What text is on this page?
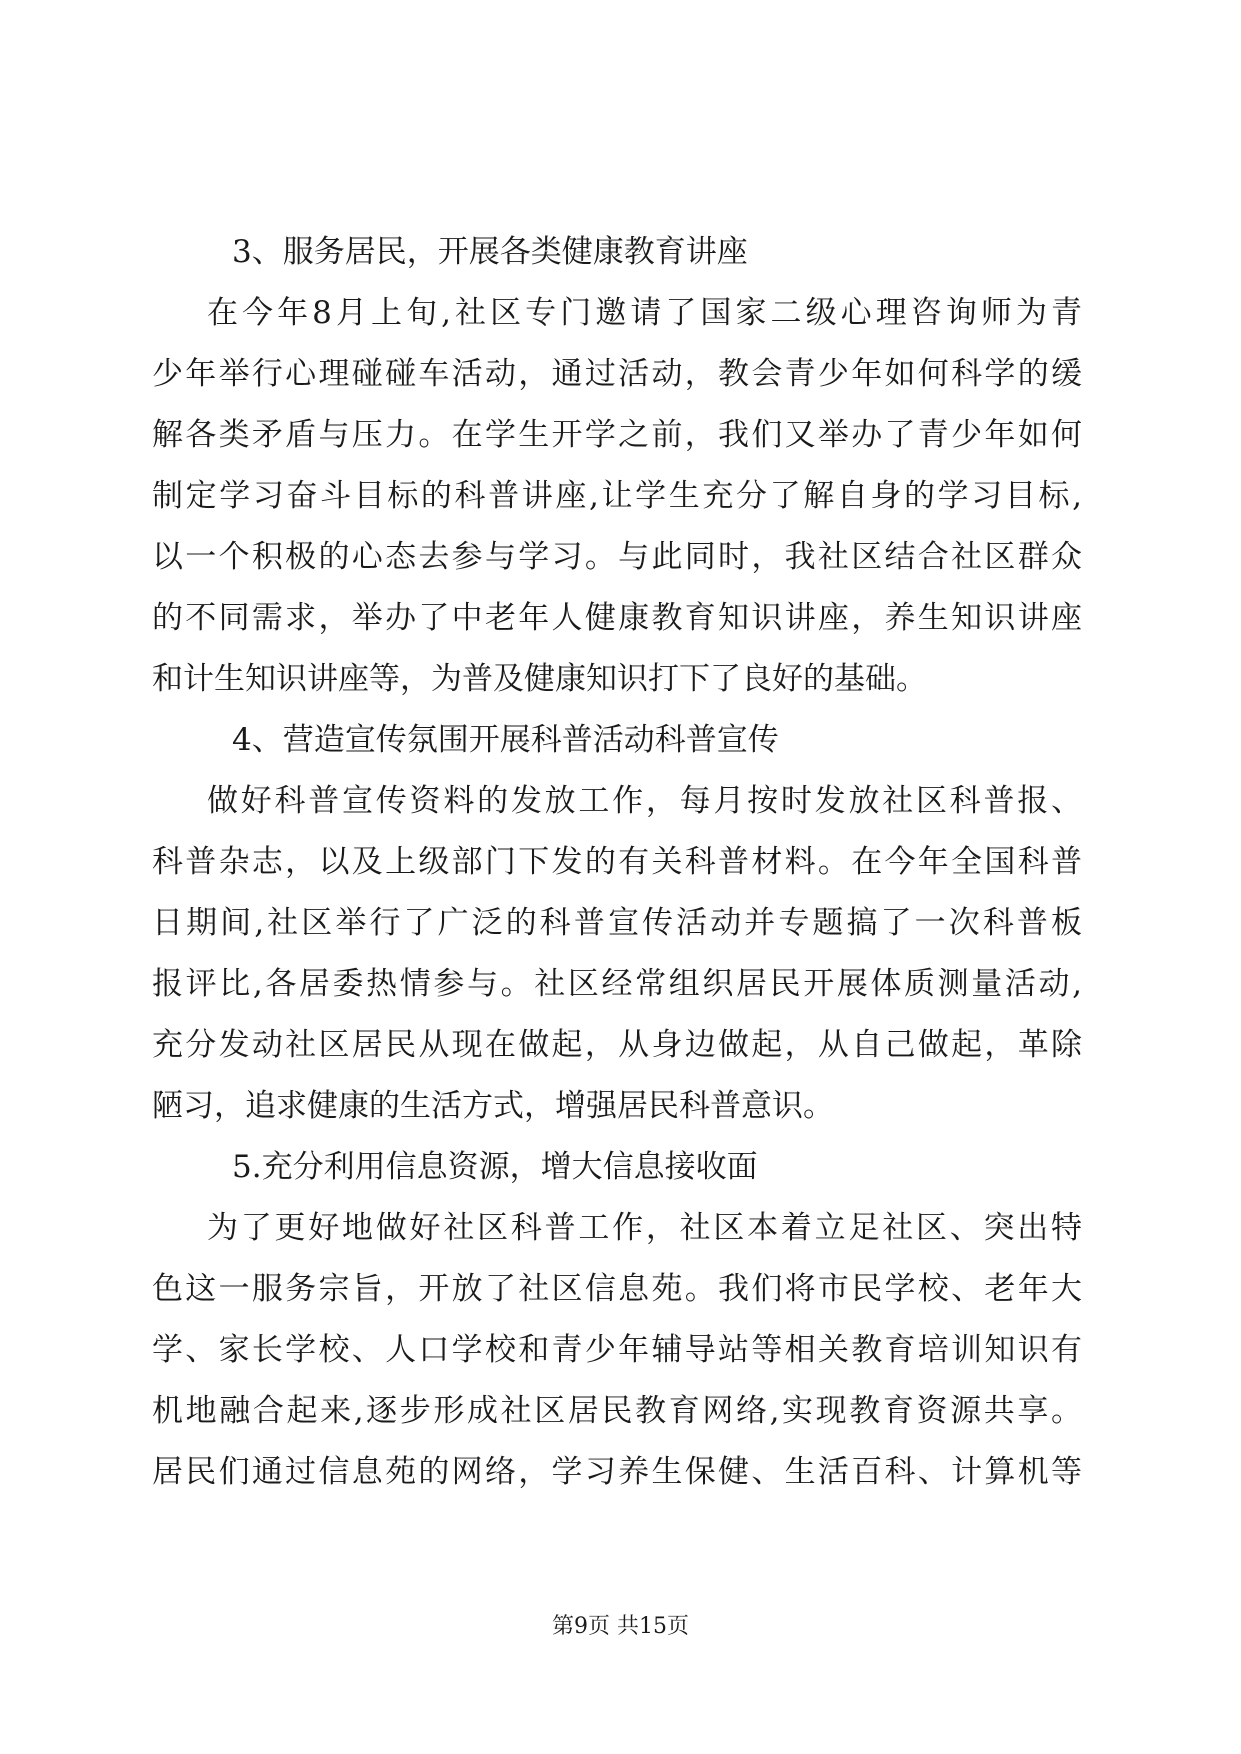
3、服务居民，开展各类健康教育讲座
在今年8月上旬,社区专门邀请了国家二级心理咨询师为青
少年举行心理碰碰车活动，通过活动，教会青少年如何科学的缓
解各类矛盾与压力。在学生开学之前，我们又举办了青少年如何
制定学习奋斗目标的科普讲座,让学生充分了解自身的学习目标,
以一个积极的心态去参与学习。与此同时，我社区结合社区群众
的不同需求，举办了中老年人健康教育知识讲座，养生知识讲座
和计生知识讲座等，为普及健康知识打下了良好的基础。
4、营造宣传氛围开展科普活动科普宣传
做好科普宣传资料的发放工作，每月按时发放社区科普报、
科普杂志，以及上级部门下发的有关科普材料。在今年全国科普
日期间,社区举行了广泛的科普宣传活动并专题搞了一次科普板
报评比,各居委热情参与。社区经常组织居民开展体质测量活动,
充分发动社区居民从现在做起，从身边做起，从自己做起，革除
陋习，追求健康的生活方式，增强居民科普意识。
5.充分利用信息资源，增大信息接收面
为了更好地做好社区科普工作，社区本着立足社区、突出特
色这一服务宗旨，开放了社区信息苑。我们将市民学校、老年大
学、家长学校、人口学校和青少年辅导站等相关教育培训知识有
机地融合起来,逐步形成社区居民教育网络,实现教育资源共享。
居民们通过信息苑的网络，学习养生保健、生活百科、计算机等
第9页 共15页
